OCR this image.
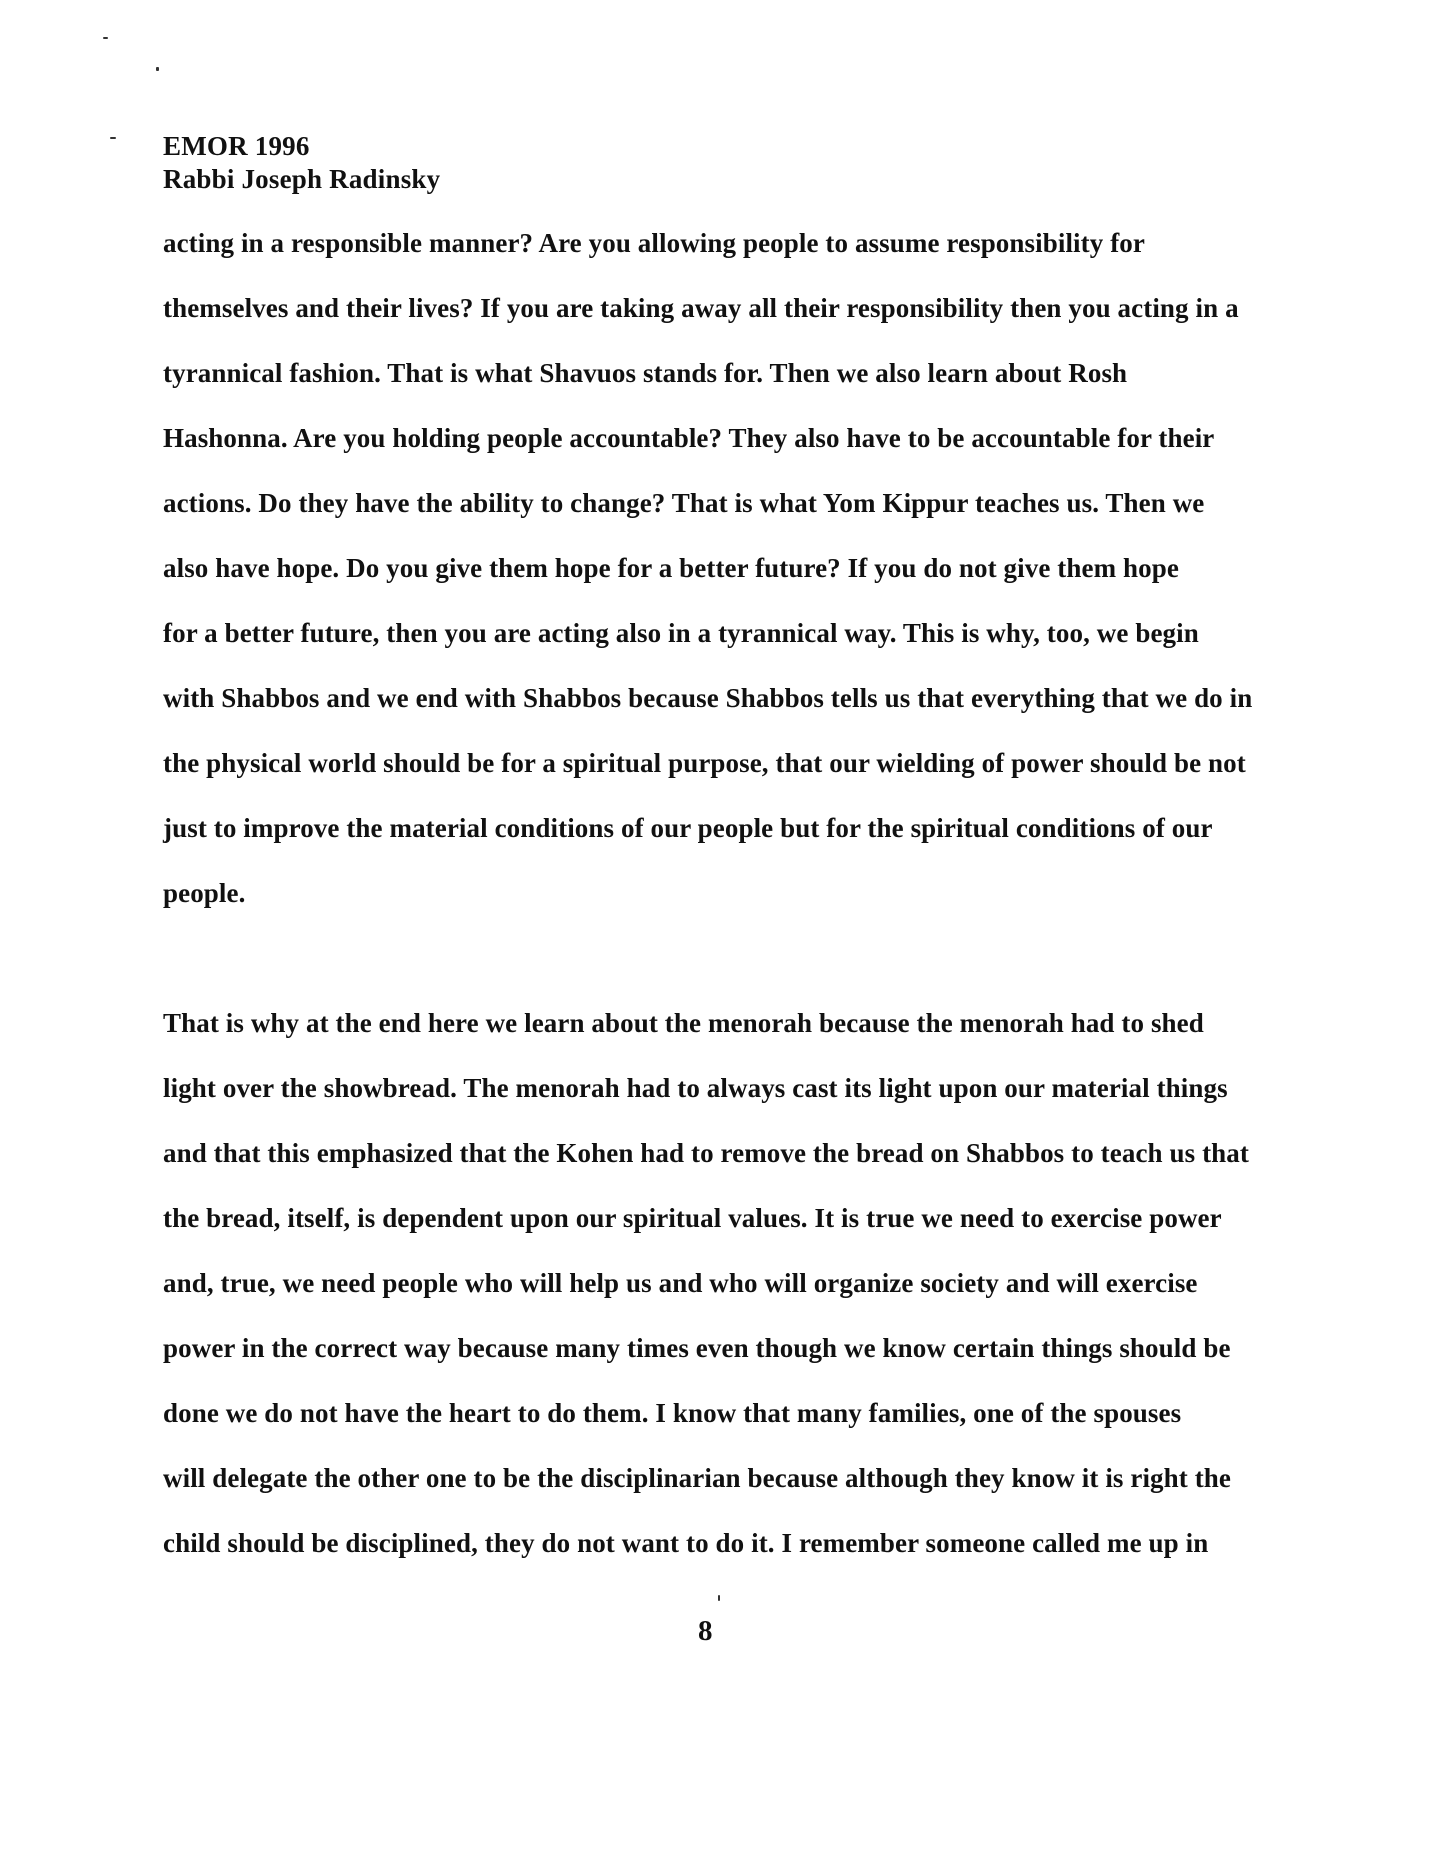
EMOR 1996
Rabbi Joseph Radinsky
acting in a responsible manner? Are you allowing people to assume responsibility for
themselves and their lives? If you are taking away all their responsibility then you acting in a
tyrannical fashion. That is what Shavuos stands for. Then we also learn about Rosh
Hashonna. Are you holding people accountable? They also have to be accountable for their
actions. Do they have the ability to change? That is what Yom Kippur teaches us. Then we
also have hope. Do you give them hope for a better future? If you do not give them hope
for a better future, then you are acting also in a tyrannical way. This is why, too, we begin
with Shabbos and we end with Shabbos because Shabbos tells us that everything that we do in
the physical world should be for a spiritual purpose, that our wielding of power should be not
just to improve the material conditions of our people but for the spiritual conditions of our
people.
That is why at the end here we learn about the menorah because the menorah had to shed
light over the showbread. The menorah had to always cast its light upon our material things
and that this emphasized that the Kohen had to remove the bread on Shabbos to teach us that
the bread, itself, is dependent upon our spiritual values. It is true we need to exercise power
and, true, we need people who will help us and who will organize society and will exercise
power in the correct way because many times even though we know certain things should be
done we do not have the heart to do them. I know that many families, one of the spouses
will delegate the other one to be the disciplinarian because although they know it is right the
child should be disciplined, they do not want to do it. I remember someone called me up in
8
